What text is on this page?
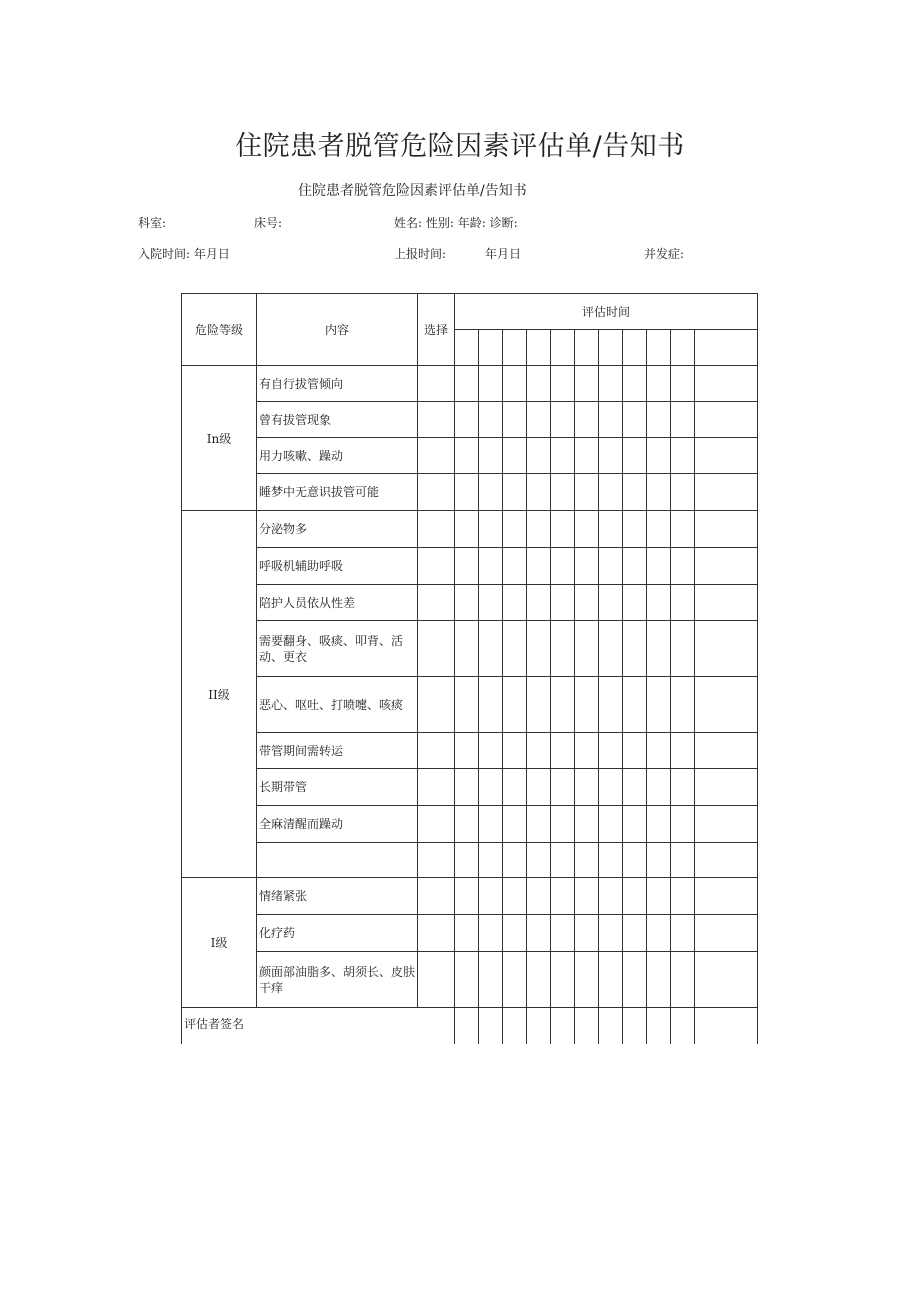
住院患者脱管危险因素评估单/告知书
住院患者脱管危险因素评估单/告知书
科室:	床号:	姓名: 性别: 年龄: 诊断:
入院时间: 年月日	上报时间:	年月日	并发症:
危险等级	内容	选择	评估时间										

In级	有自行拔管倾向												
	曾有拔管现象												
	用力咳嗽、躁动												
	睡梦中无意识拔管可能												
II级	分泌物多												
	呼吸机辅助呼吸												
	陪护人员依从性差												
	需要翻身、吸痰、叩背、活动、更衣												
	恶心、呕吐、打喷嚏、咳痰												
	带管期间需转运												
	长期带管												
	全麻清醒而躁动												

I级	情绪紧张												
	化疗药												
	颜面部油脂多、胡须长、皮肤干痒												
评估者签名													
